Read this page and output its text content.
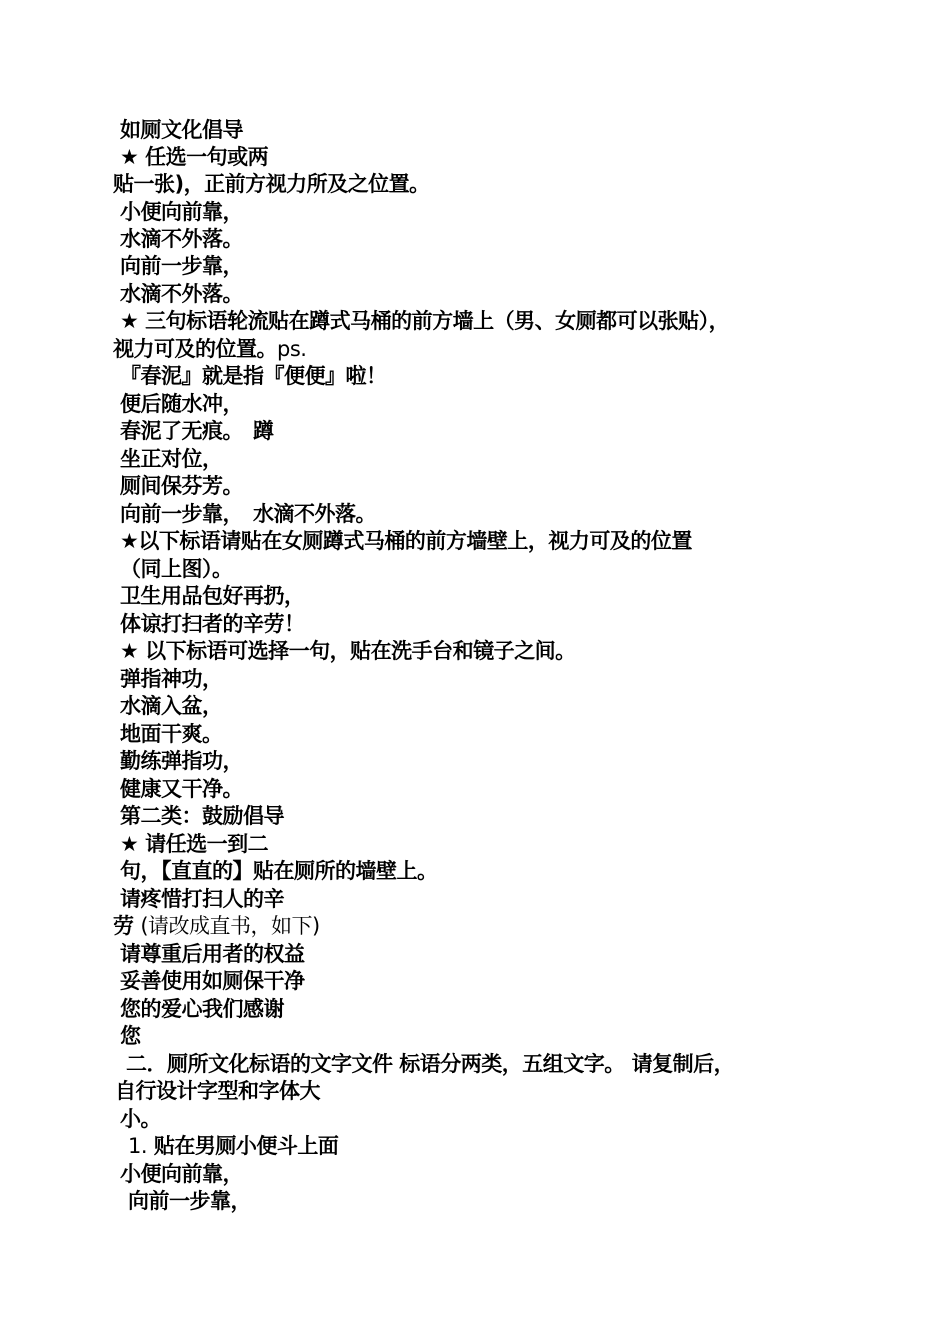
如厕文化倡导
★ 任选一句或两
贴一张)，正前方视力所及之位置。
小便向前靠，
水滴不外落。
向前一步靠，
水滴不外落。
★ 三句标语轮流贴在蹲式马桶的前方墙上（男、女厕都可以张贴），
视力可及的位置。ps.
『春泥』就是指『便便』啦！
便后随水冲，
春泥了无痕。　蹲
坐正对位，
厕间保芬芳。
向前一步靠，　水滴不外落。
★以下标语请贴在女厕蹲式马桶的前方墙壁上，视力可及的位置
（同上图）。
卫生用品包好再扔，
体谅打扫者的辛劳！
★ 以下标语可选择一句，贴在洗手台和镜子之间。
弹指神功，
水滴入盆，
地面干爽。
勤练弹指功，
健康又干净。
第二类：鼓励倡导
★ 请任选一到二
句，【直直的】贴在厕所的墙壁上。
请疼惜打扫人的辛
劳 (请改成直书，如下)
请尊重后用者的权益
妥善使用如厕保干净
您的爱心我们感谢
您
二．厕所文化标语的文字文件 标语分两类，五组文字。 请复制后，
自行设计字型和字体大
小。
1. 贴在男厕小便斗上面
小便向前靠，
向前一步靠，
